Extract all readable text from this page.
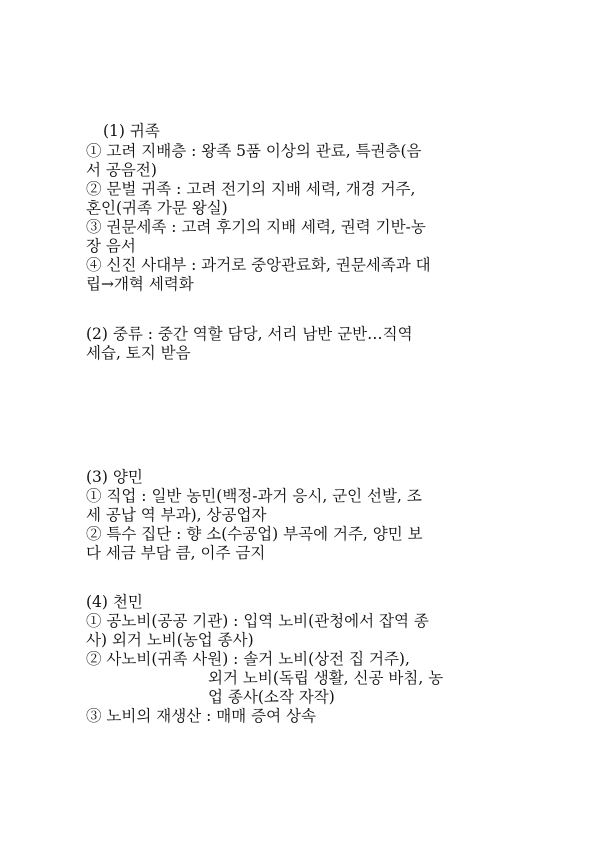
(1) 귀족

① 고려 지배층 : 왕족 5품 이상의 관료, 특권층(음

서 공음전)

② 문벌 귀족 : 고려 전기의 지배 세력, 개경 거주,

혼인(귀족 가문 왕실)

③ 권문세족 : 고려 후기의 지배 세력, 권력 기반-농

장 음서

④ 신진 사대부 : 과거로 중앙관료화, 권문세족과 대

립→개혁 세력화

(2) 중류 : 중간 역할 담당, 서리 남반 군반…직역

세습, 토지 받음

(3) 양민

① 직업 : 일반 농민(백정-과거 응시, 군인 선발, 조

세 공납 역 부과), 상공업자

② 특수 집단 : 향 소(수공업) 부곡에 거주, 양민 보

다 세금 부담 큼, 이주 금지

(4) 천민

① 공노비(공공 기관) : 입역 노비(관청에서 잡역 종

사) 외거 노비(농업 종사)

② 사노비(귀족 사원) : 솔거 노비(상전 집 거주),

외거 노비(독립 생활, 신공 바침, 농

업 종사(소작 자작)

③ 노비의 재생산 : 매매 증여 상속
